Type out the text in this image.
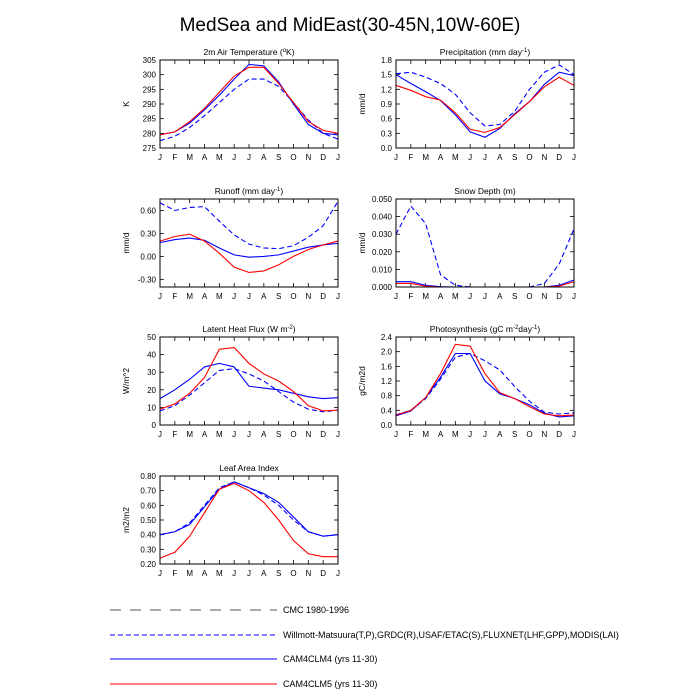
MedSea and MidEast(30-45N,10W-60E)
2m Air Temperature ($^o$K)
K
275
280
285
290
295
300
305
J F M A M J J A S O N D J
Precipitation (mm day$^{-1}$)
mm/d
0.0
0.3
0.6
0.9
1.2
1.5
1.8
J F M A M J J A S O N D J
Runoff (mm day$^{-1}$)
mm/d
-0.30
0.00
0.30
0.60
J F M A M J J A S O N D J
Snow Depth (m)
mm/d
0.000
0.010
0.020
0.030
0.040
0.050
J F M A M J J A S O N D J
Latent Heat Flux (W $m^{-2}$)
W/m^2
0
10
20
30
40
50
J F M A M J J A S O N D J
Photosynthesis (gC $m^{-2}day^{-1}$)
gC/m2d
0.0
0.4
0.8
1.2
1.6
2.0
2.4
J F M A M J J A S O N D J
Leaf Area Index
m2/m2
0.20
0.30
0.40
0.50
0.60
0.70
0.80
J F M A M J J A S O N D J
CMC 1980-1996
Willmott-Matsuura(T,P),GRDC(R),USAF/ETAC(S),FLUXNET(LHF,GPP),MODIS(LAI)
CAM4CLM4 (yrs 11-30)
CAM4CLM5 (yrs 11-30)
